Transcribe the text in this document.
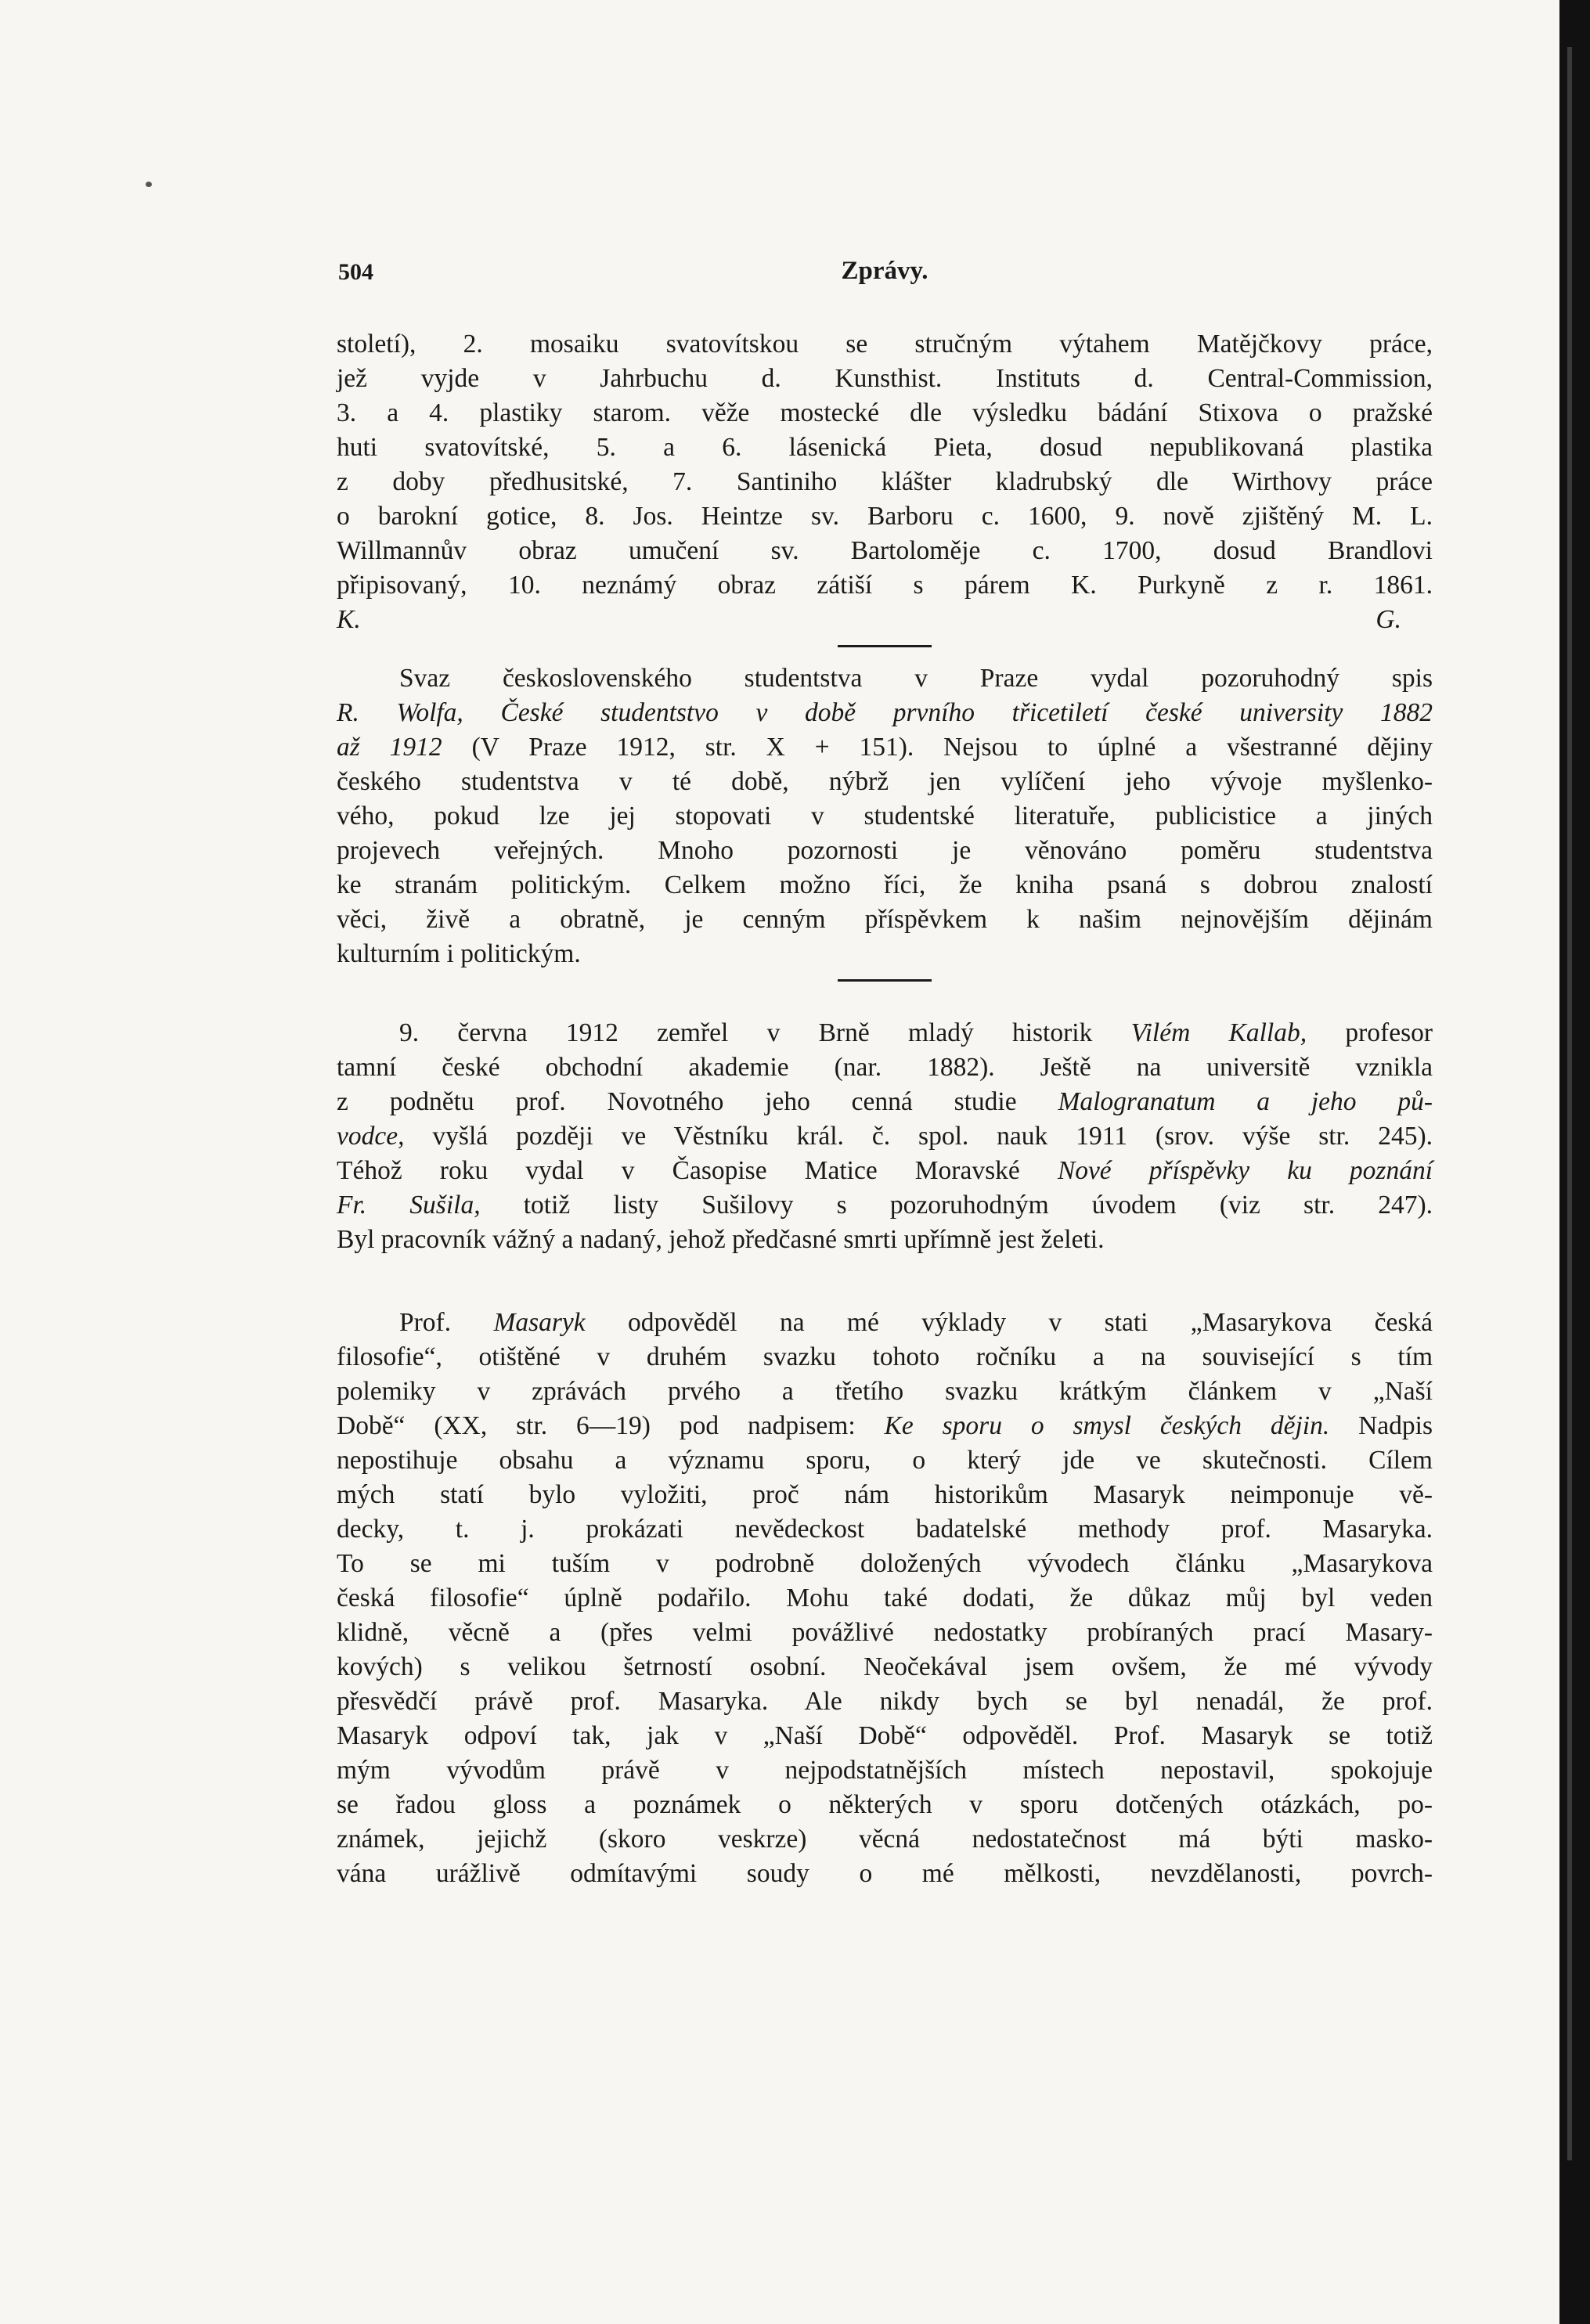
504	Zprávy.
století), 2. mosaiku svatovítskou se stručným výtahem Matějčkovy práce,
jež vyjde v Jahrbuchu d. Kunsthist. Instituts d. Central-Commission,
3. a 4. plastiky starom. věže mostecké dle výsledku bádání Stixova o pražské
huti svatovítské, 5. a 6. lásenická Pieta, dosud nepublikovaná plastika
z doby předhusitské, 7. Santiniho klášter kladrubský dle Wirthovy práce
o barokní gotice, 8. Jos. Heintze sv. Barboru c. 1600, 9. nově zjištěný M. L.
Willmannův obraz umučení sv. Bartoloměje c. 1700, dosud Brandlovi
připisovaný, 10. neznámý obraz zátiší s párem K. Purkyně z r. 1861.
K. G.
Svaz československého studentstva v Praze vydal pozoruhodný spis
R. Wolfa, České studentstvo v době prvního třicetiletí české university 1882
až 1912 (V Praze 1912, str. X + 151). Nejsou to úplné a všestranné dějiny
českého studentstva v té době, nýbrž jen vylíčení jeho vývoje myšlenko-
vého, pokud lze jej stopovati v studentské literatuře, publicistice a jiných
projevech veřejných. Mnoho pozornosti je věnováno poměru studentstva
ke stranám politickým. Celkem možno říci, že kniha psaná s dobrou znalostí
věci, živě a obratně, je cenným příspěvkem k našim nejnovějším dějinám
kulturním i politickým.
9. června 1912 zemřel v Brně mladý historik Vilém Kallab, profesor
tamní české obchodní akademie (nar. 1882). Ještě na universitě vznikla
z podnětu prof. Novotného jeho cenná studie Malogranatum a jeho pů-
vodce, vyšlá později ve Věstníku král. č. spol. nauk 1911 (srov. výše str. 245).
Téhož roku vydal v Časopise Matice Moravské Nové příspěvky ku poznání
Fr. Sušila, totiž listy Sušilovy s pozoruhodným úvodem (viz str. 247).
Byl pracovník vážný a nadaný, jehož předčasné smrti upřímně jest želeti.
Prof. Masaryk odpověděl na mé výklady v stati „Masarykova česká
filosofie“, otištěné v druhém svazku tohoto ročníku a na související s tím
polemiky v zprávách prvého a třetího svazku krátkým článkem v „Naší
Době“ (XX, str. 6—19) pod nadpisem: Ke sporu o smysl českých dějin. Nadpis
nepostihuje obsahu a významu sporu, o který jde ve skutečnosti. Cílem
mých statí bylo vyložiti, proč nám historikům Masaryk neimponuje vě-
decky, t. j. prokázati nevědeckost badatelské methody prof. Masaryka.
To se mi tuším v podrobně doložených vývodech článku „Masarykova
česká filosofie“ úplně podařilo. Mohu také dodati, že důkaz můj byl veden
klidně, věcně a (přes velmi povážlivé nedostatky probíraných prací Masary-
kových) s velikou šetrností osobní. Neočekával jsem ovšem, že mé vývody
přesvědčí právě prof. Masaryka. Ale nikdy bych se byl nenadál, že prof.
Masaryk odpoví tak, jak v „Naší Době“ odpověděl. Prof. Masaryk se totiž
mým vývodům právě v nejpodstatnějších místech nepostavil, spokojuje
se řadou gloss a poznámek o některých v sporu dotčených otázkách, po-
známek, jejichž (skoro veskrze) věcná nedostatečnost má býti masko-
vána urážlivě odmítavými soudy o mé mělkosti, nevzdělanosti, povrch-
